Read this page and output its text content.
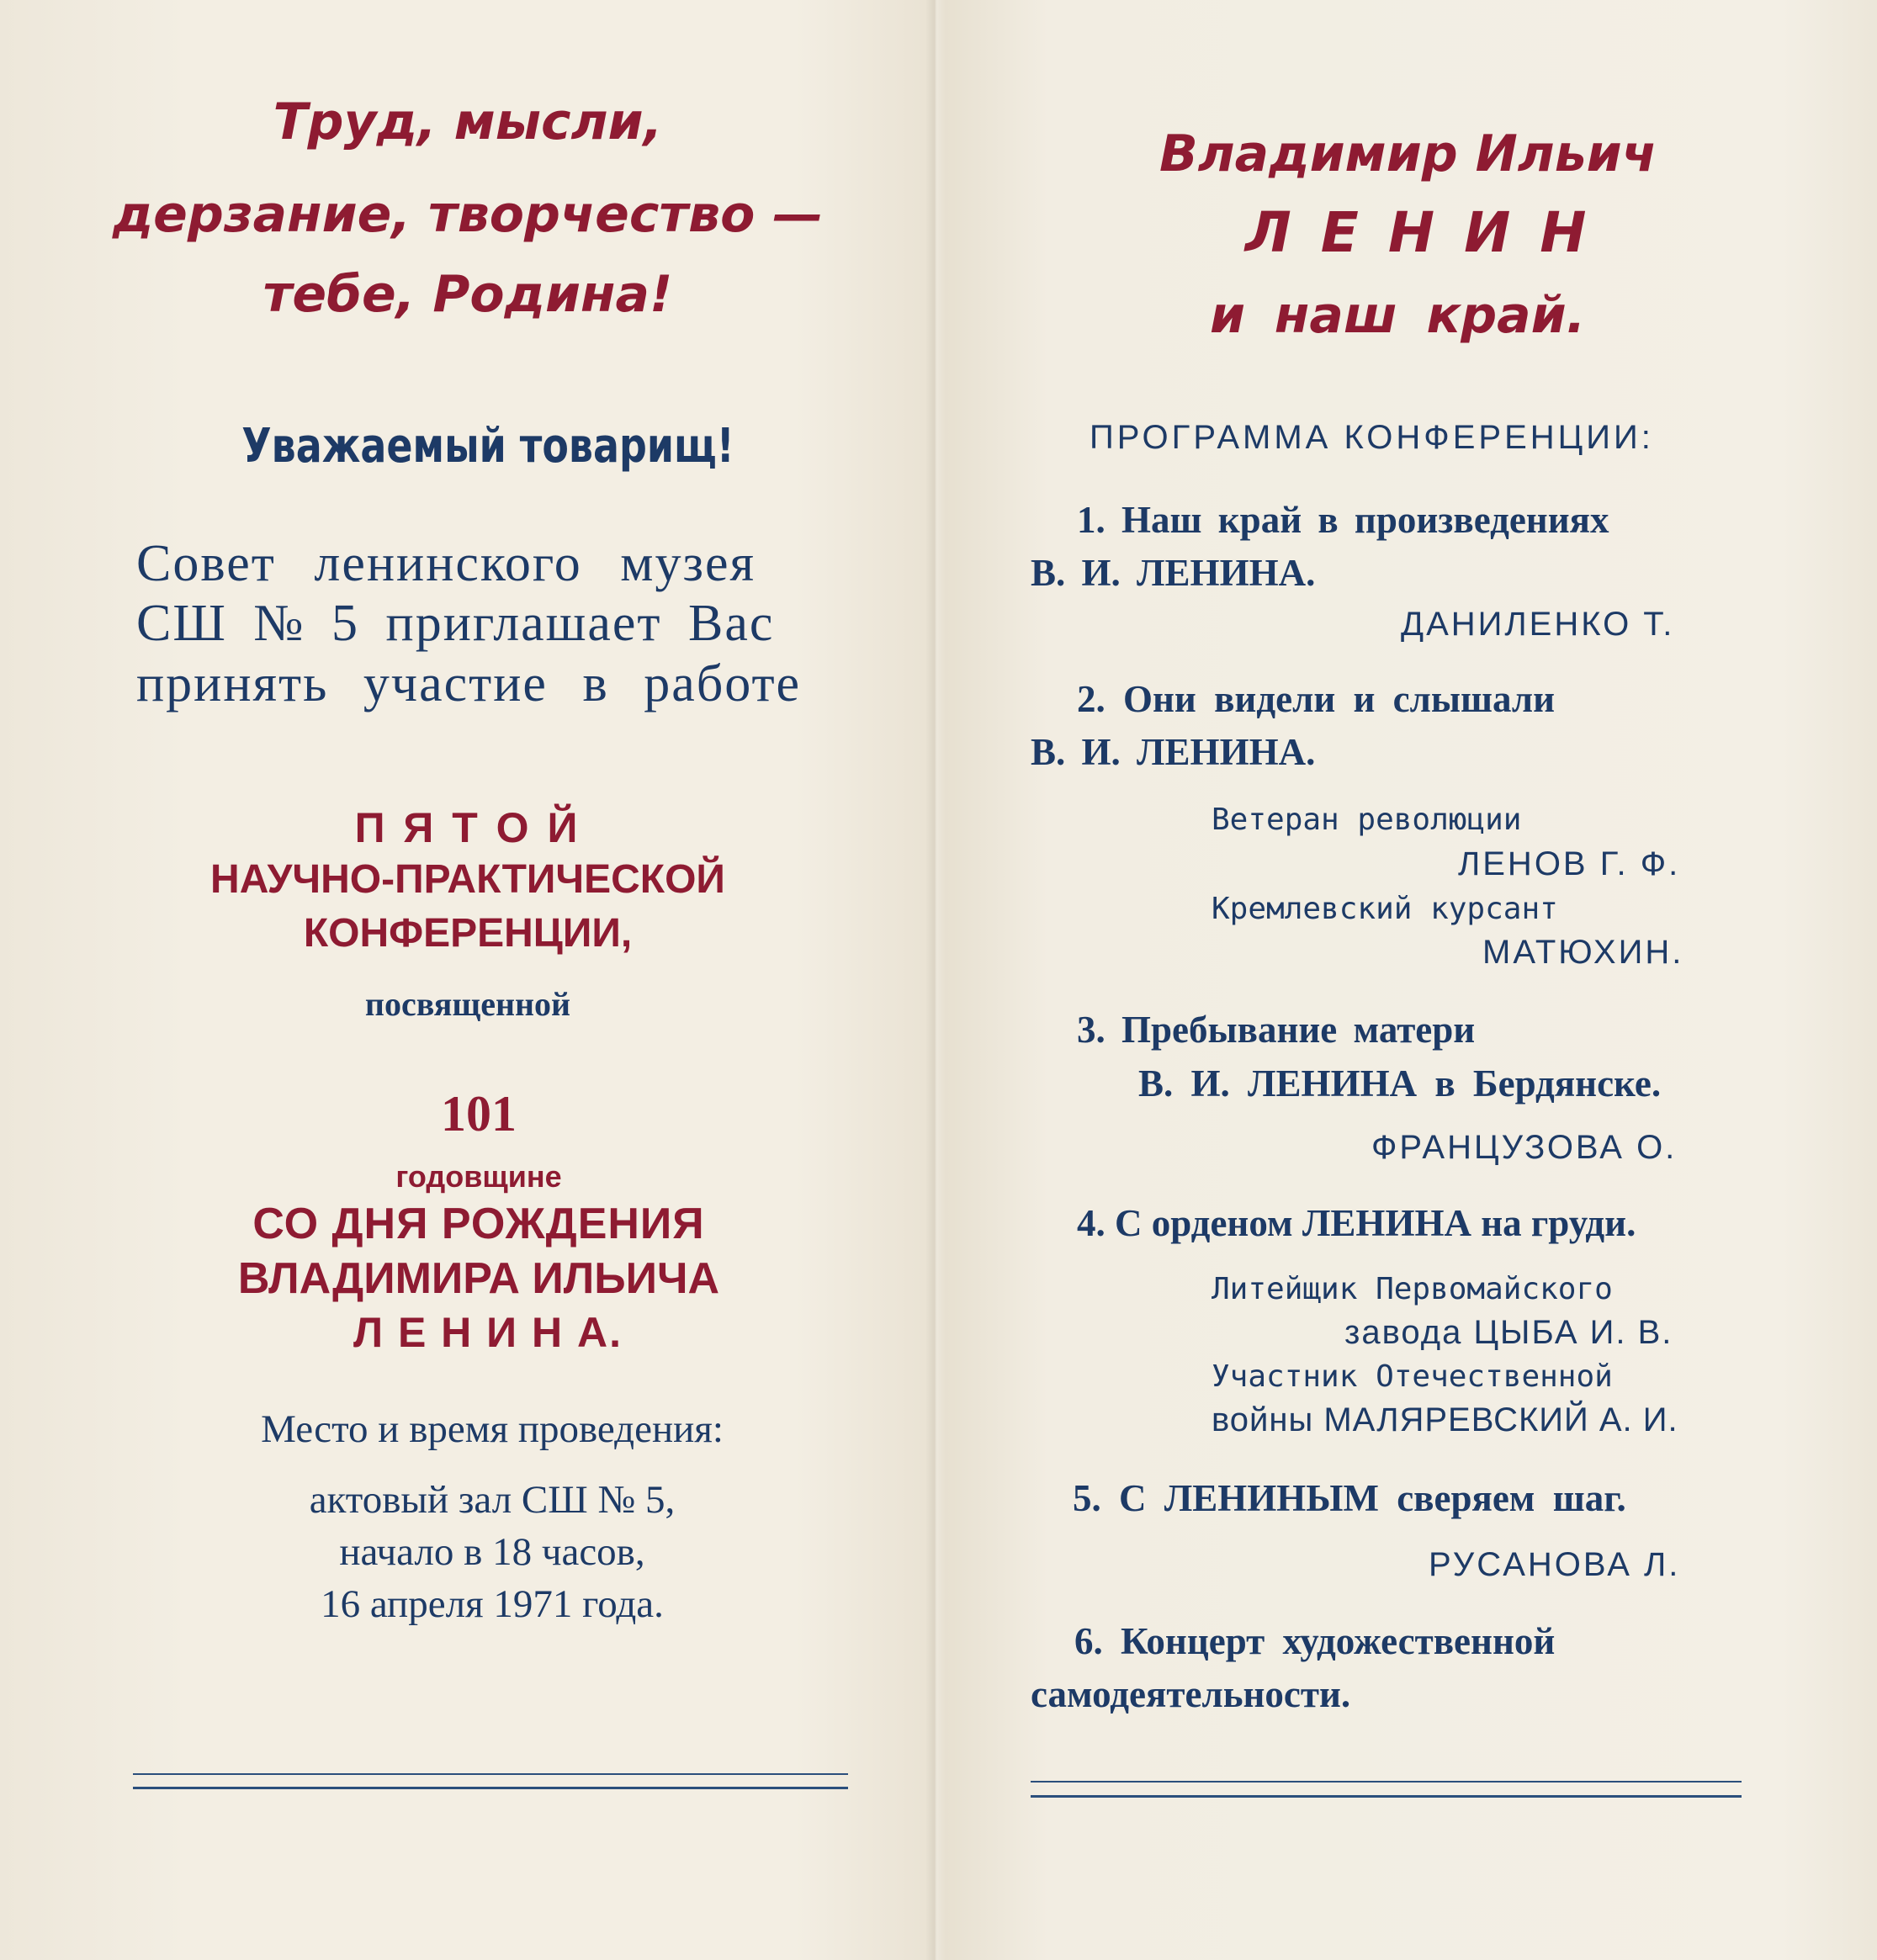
Труд, мысли,
дерзание, творчество —
тебе, Родина!
Уважаемый товарищ!
Совет ленинского музея
СШ № 5 приглашает Вас
принять участие в работе
П Я Т О Й
НАУЧНО-ПРАКТИЧЕСКОЙ
КОНФЕРЕНЦИИ,
посвященной
101
годовщине
СО ДНЯ РОЖДЕНИЯ
ВЛАДИМИРА ИЛЬИЧА
Л Е Н И Н А.
Место и время проведения:
актовый зал СШ № 5,
начало в 18 часов,
16 апреля 1971 года.
Владимир Ильич
Л Е Н И Н
и наш край.
ПРОГРАММА КОНФЕРЕНЦИИ:
1. Наш край в произведениях
В. И. ЛЕНИНА.
ДАНИЛЕНКО Т.
2. Они видели и слышали
В. И. ЛЕНИНА.
Ветеран революции
ЛЕНОВ Г. Ф.
Кремлевский курсант
МАТЮХИН.
3. Пребывание матери
В. И. ЛЕНИНА в Бердянске.
ФРАНЦУЗОВА О.
4. С орденом ЛЕНИНА на груди.
Литейщик Первомайского
завода ЦЫБА И. В.
Участник Отечественной
войны МАЛЯРЕВСКИЙ А. И.
5. С ЛЕНИНЫМ сверяем шаг.
РУСАНОВА Л.
6. Концерт художественной
самодеятельности.
